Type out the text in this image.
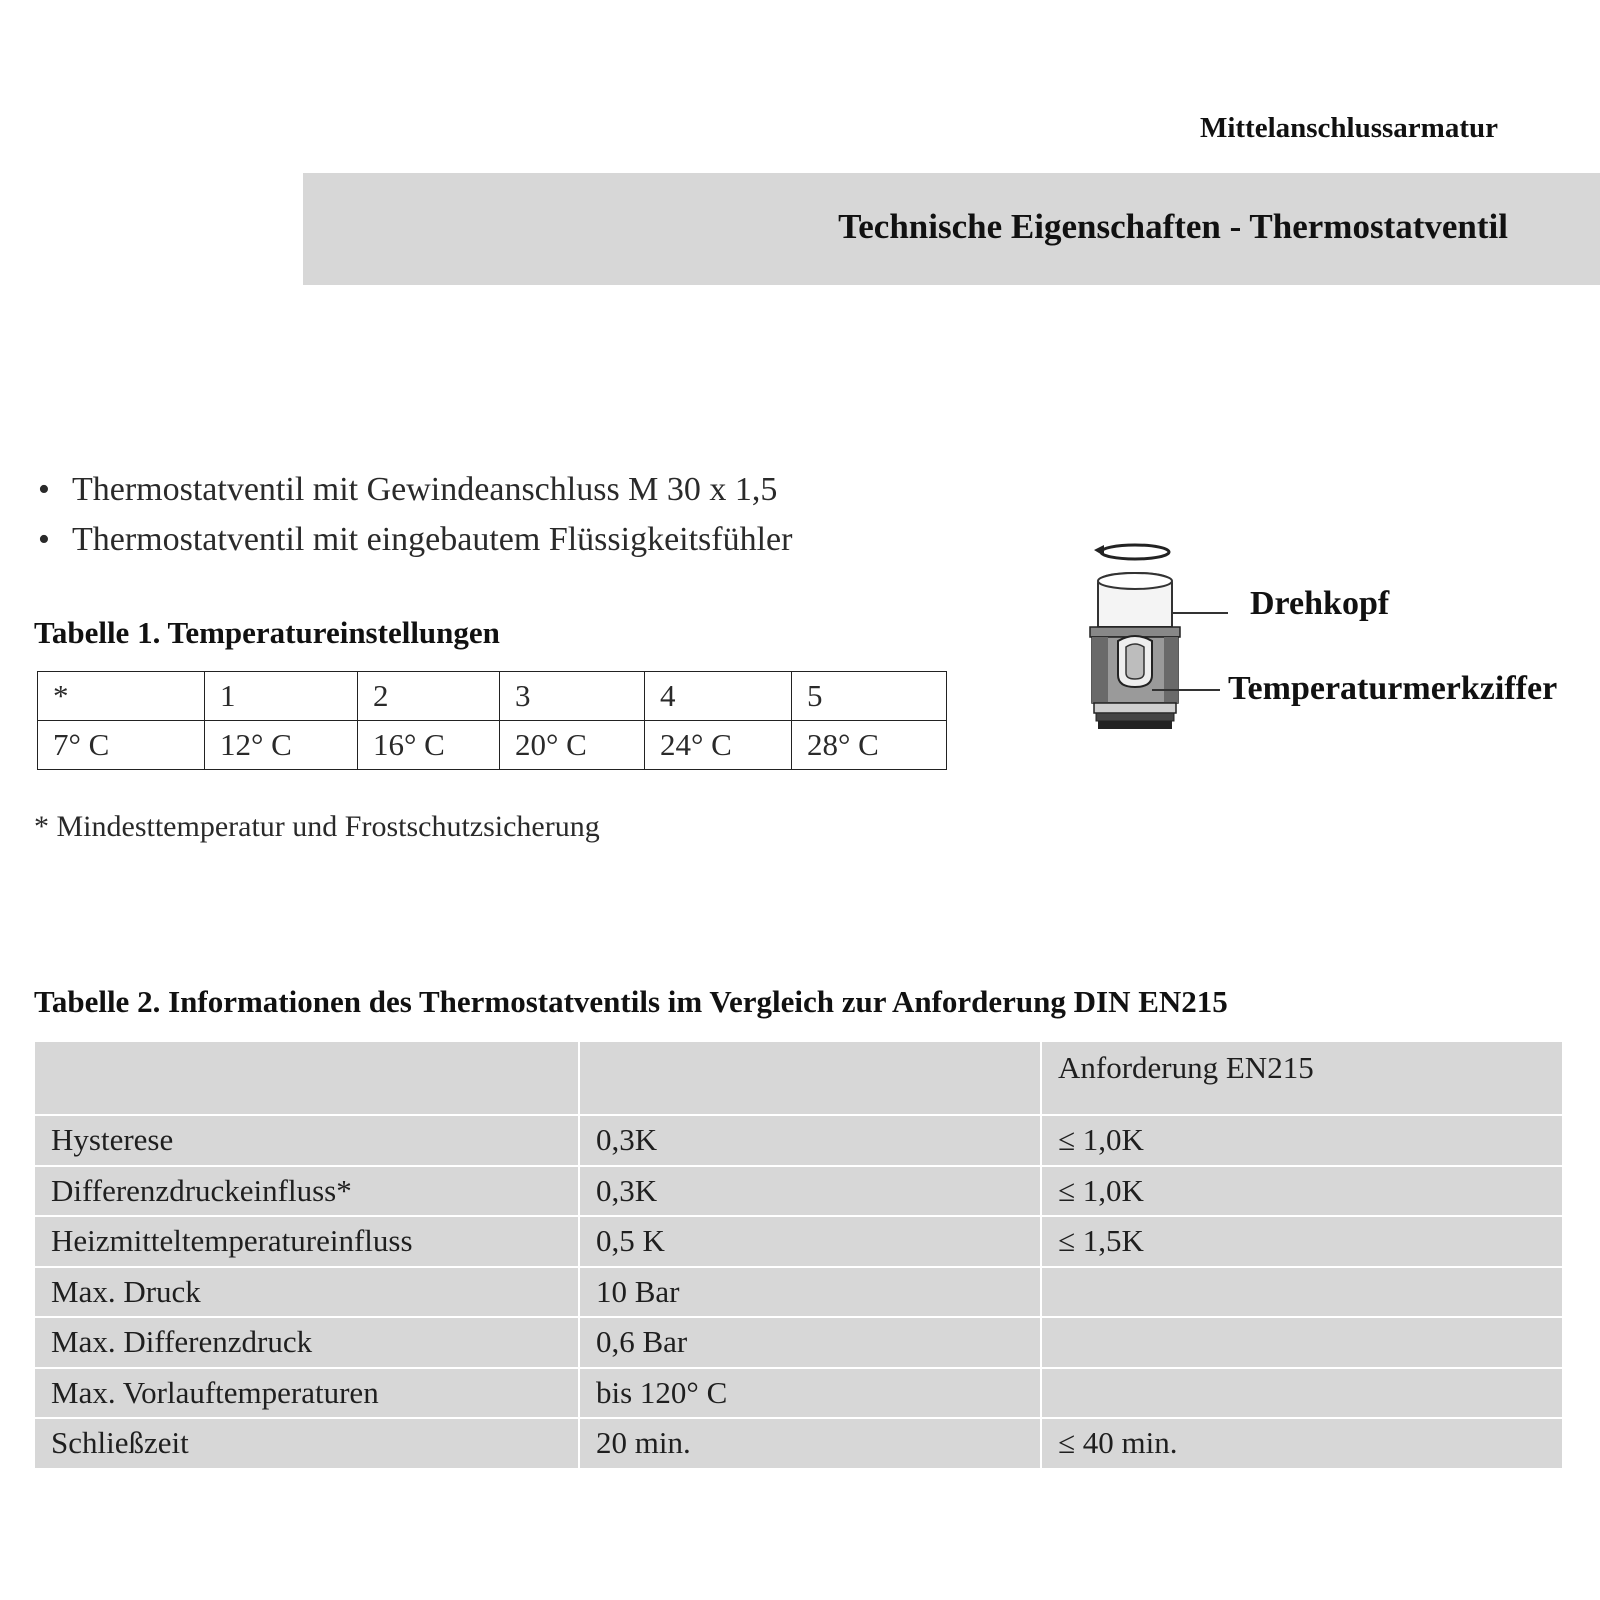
Mittelanschlussarmatur
Technische Eigenschaften - Thermostatventil
• Thermostatventil mit Gewindeanschluss M 30 x 1,5
• Thermostatventil mit eingebautem Flüssigkeitsfühler
Tabelle 1. Temperatureinstellungen
*	1	2	3	4	5
7° C	12° C	16° C	20° C	24° C	28° C
* Mindesttemperatur und Frostschutzsicherung
Drehkopf
Temperaturmerkziffer
Tabelle 2. Informationen des Thermostatventils im Vergleich zur Anforderung DIN EN215
		Anforderung EN215
Hysterese	0,3K	≤ 1,0K
Differenzdruckeinfluss*	0,3K	≤ 1,0K
Heizmitteltemperatureinfluss	0,5 K	≤ 1,5K
Max. Druck	10 Bar	
Max. Differenzdruck	0,6 Bar	
Max. Vorlauftemperaturen	bis 120° C	
Schließzeit	20 min.	≤ 40 min.
